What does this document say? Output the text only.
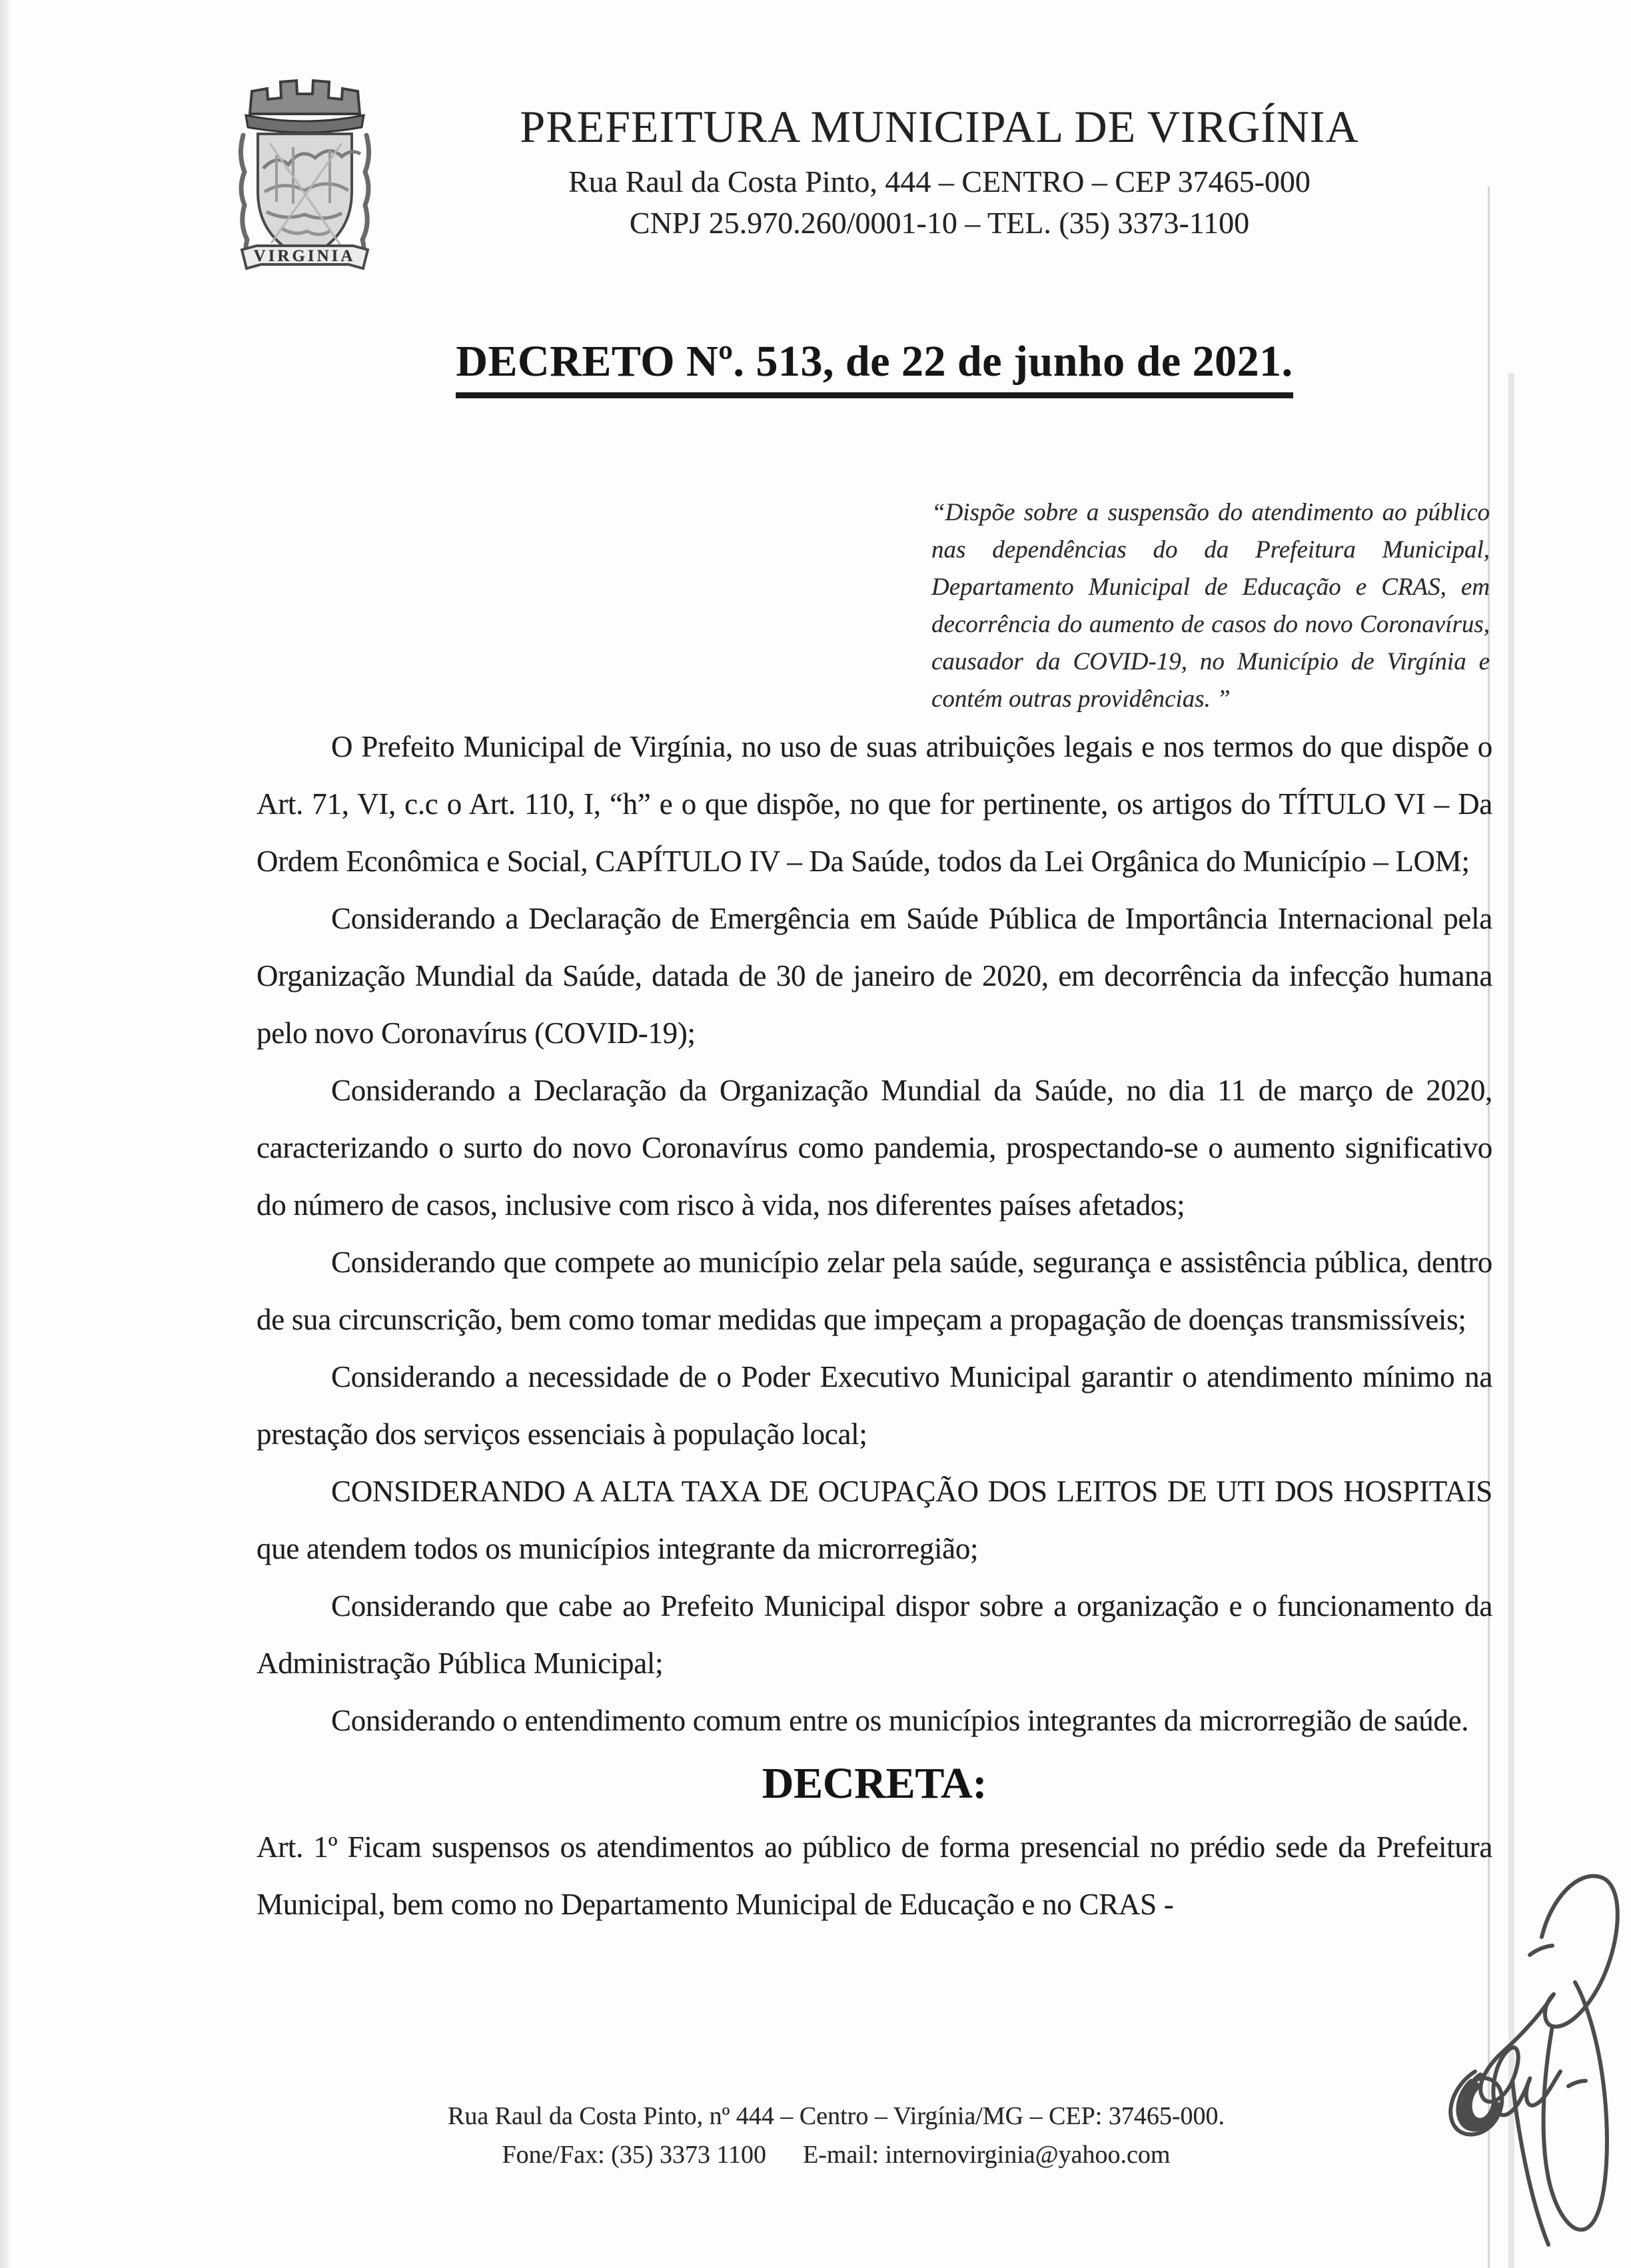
VIRGINIA
PREFEITURA MUNICIPAL DE VIRGÍNIA
Rua Raul da Costa Pinto, 444 – CENTRO – CEP 37465-000
CNPJ 25.970.260/0001-10 – TEL. (35) 3373-1100
DECRETO Nº. 513, de 22 de junho de 2021.
“Dispõe sobre a suspensão do atendimento ao público nas dependências do da Prefeitura Municipal, Departamento Municipal de Educação e CRAS, em decorrência do aumento de casos do novo Coronavírus, causador da COVID-19, no Município de Virgínia e contém outras providências. ”

O Prefeito Municipal de Virgínia, no uso de suas atribuições legais e nos termos do que dispõe o Art. 71, VI, c.c o Art. 110, I, “h” e o que dispõe, no que for pertinente, os artigos do TÍTULO VI – Da Ordem Econômica e Social, CAPÍTULO IV – Da Saúde, todos da Lei Orgânica do Município – LOM;

Considerando a Declaração de Emergência em Saúde Pública de Importância Internacional pela Organização Mundial da Saúde, datada de 30 de janeiro de 2020, em decorrência da infecção humana pelo novo Coronavírus (COVID-19);

Considerando a Declaração da Organização Mundial da Saúde, no dia 11 de março de 2020, caracterizando o surto do novo Coronavírus como pandemia, prospectando-se o aumento significativo do número de casos, inclusive com risco à vida, nos diferentes países afetados;

Considerando que compete ao município zelar pela saúde, segurança e assistência pública, dentro de sua circunscrição, bem como tomar medidas que impeçam a propagação de doenças transmissíveis;

Considerando a necessidade de o Poder Executivo Municipal garantir o atendimento mínimo na prestação dos serviços essenciais à população local;

CONSIDERANDO A ALTA TAXA DE OCUPAÇÃO DOS LEITOS DE UTI DOS HOSPITAIS que atendem todos os municípios integrante da microrregião;

Considerando que cabe ao Prefeito Municipal dispor sobre a organização e o funcionamento da Administração Pública Municipal;

Considerando o entendimento comum entre os municípios integrantes da microrregião de saúde.

DECRETA:

Art. 1º Ficam suspensos os atendimentos ao público de forma presencial no prédio sede da Prefeitura Municipal, bem como no Departamento Municipal de Educação e no CRAS -

Rua Raul da Costa Pinto, nº 444 – Centro – Virgínia/MG – CEP: 37465-000.
Fone/Fax: (35) 3373 1100 E-mail: internovirginia@yahoo.com
